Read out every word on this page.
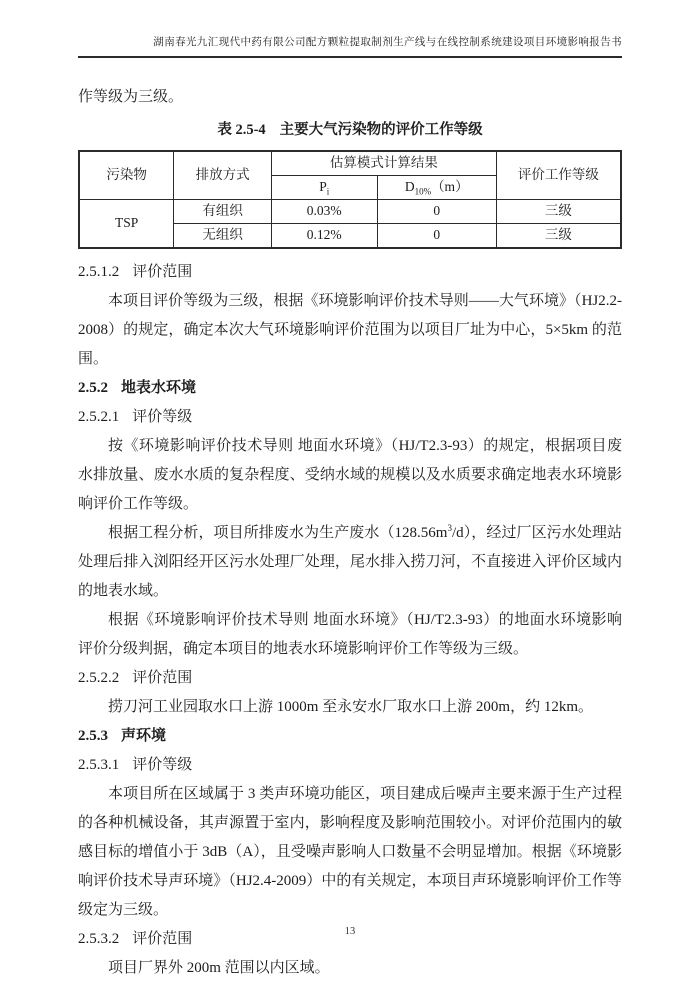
湖南春光九汇现代中药有限公司配方颗粒提取制剂生产线与在线控制系统建设项目环境影响报告书

作等级为三级。

表 2.5-4 主要大气污染物的评价工作等级
污染物	排放方式	估算模式计算结果		评价工作等级
		$P_i$	$D_{10\%}(m)$	
TSP	有组织	0.03%	0	三级
	无组织	0.12%	0	三级

2.5.1.2 评价范围

本项目评价等级为三级，根据《环境影响评价技术导则——大气环境》（HJ2.2-2008）的规定，确定本次大气环境影响评价范围为以项目厂址为中心，5×5km 的范围。

2.5.2 地表水环境

2.5.2.1 评价等级

按《环境影响评价技术导则 地面水环境》（HJ/T2.3-93）的规定，根据项目废水排放量、废水水质的复杂程度、受纳水域的规模以及水质要求确定地表水环境影响评价工作等级。

根据工程分析，项目所排废水为生产废水$(128.56m^3/d)$，经过厂区污水处理站处理后排入浏阳经开区污水处理厂处理，尾水排入捞刀河，不直接进入评价区域内的地表水域。

根据《环境影响评价技术导则 地面水环境》（HJ/T2.3-93）的地面水环境影响评价分级判据，确定本项目的地表水环境影响评价工作等级为三级。

2.5.2.2 评价范围

捞刀河工业园取水口上游 1000m 至永安水厂取水口上游 200m，约 12km。

2.5.3 声环境

2.5.3.1 评价等级

本项目所在区域属于 3 类声环境功能区，项目建成后噪声主要来源于生产过程的各种机械设备，其声源置于室内，影响程度及影响范围较小。对评价范围内的敏感目标的增值小于 3dB（A），且受噪声影响人口数量不会明显增加。根据《环境影响评价技术导声环境》（HJ2.4-2009）中的有关规定，本项目声环境影响评价工作等级定为三级。

2.5.3.2 评价范围

项目厂界外 200m 范围以内区域。

13
